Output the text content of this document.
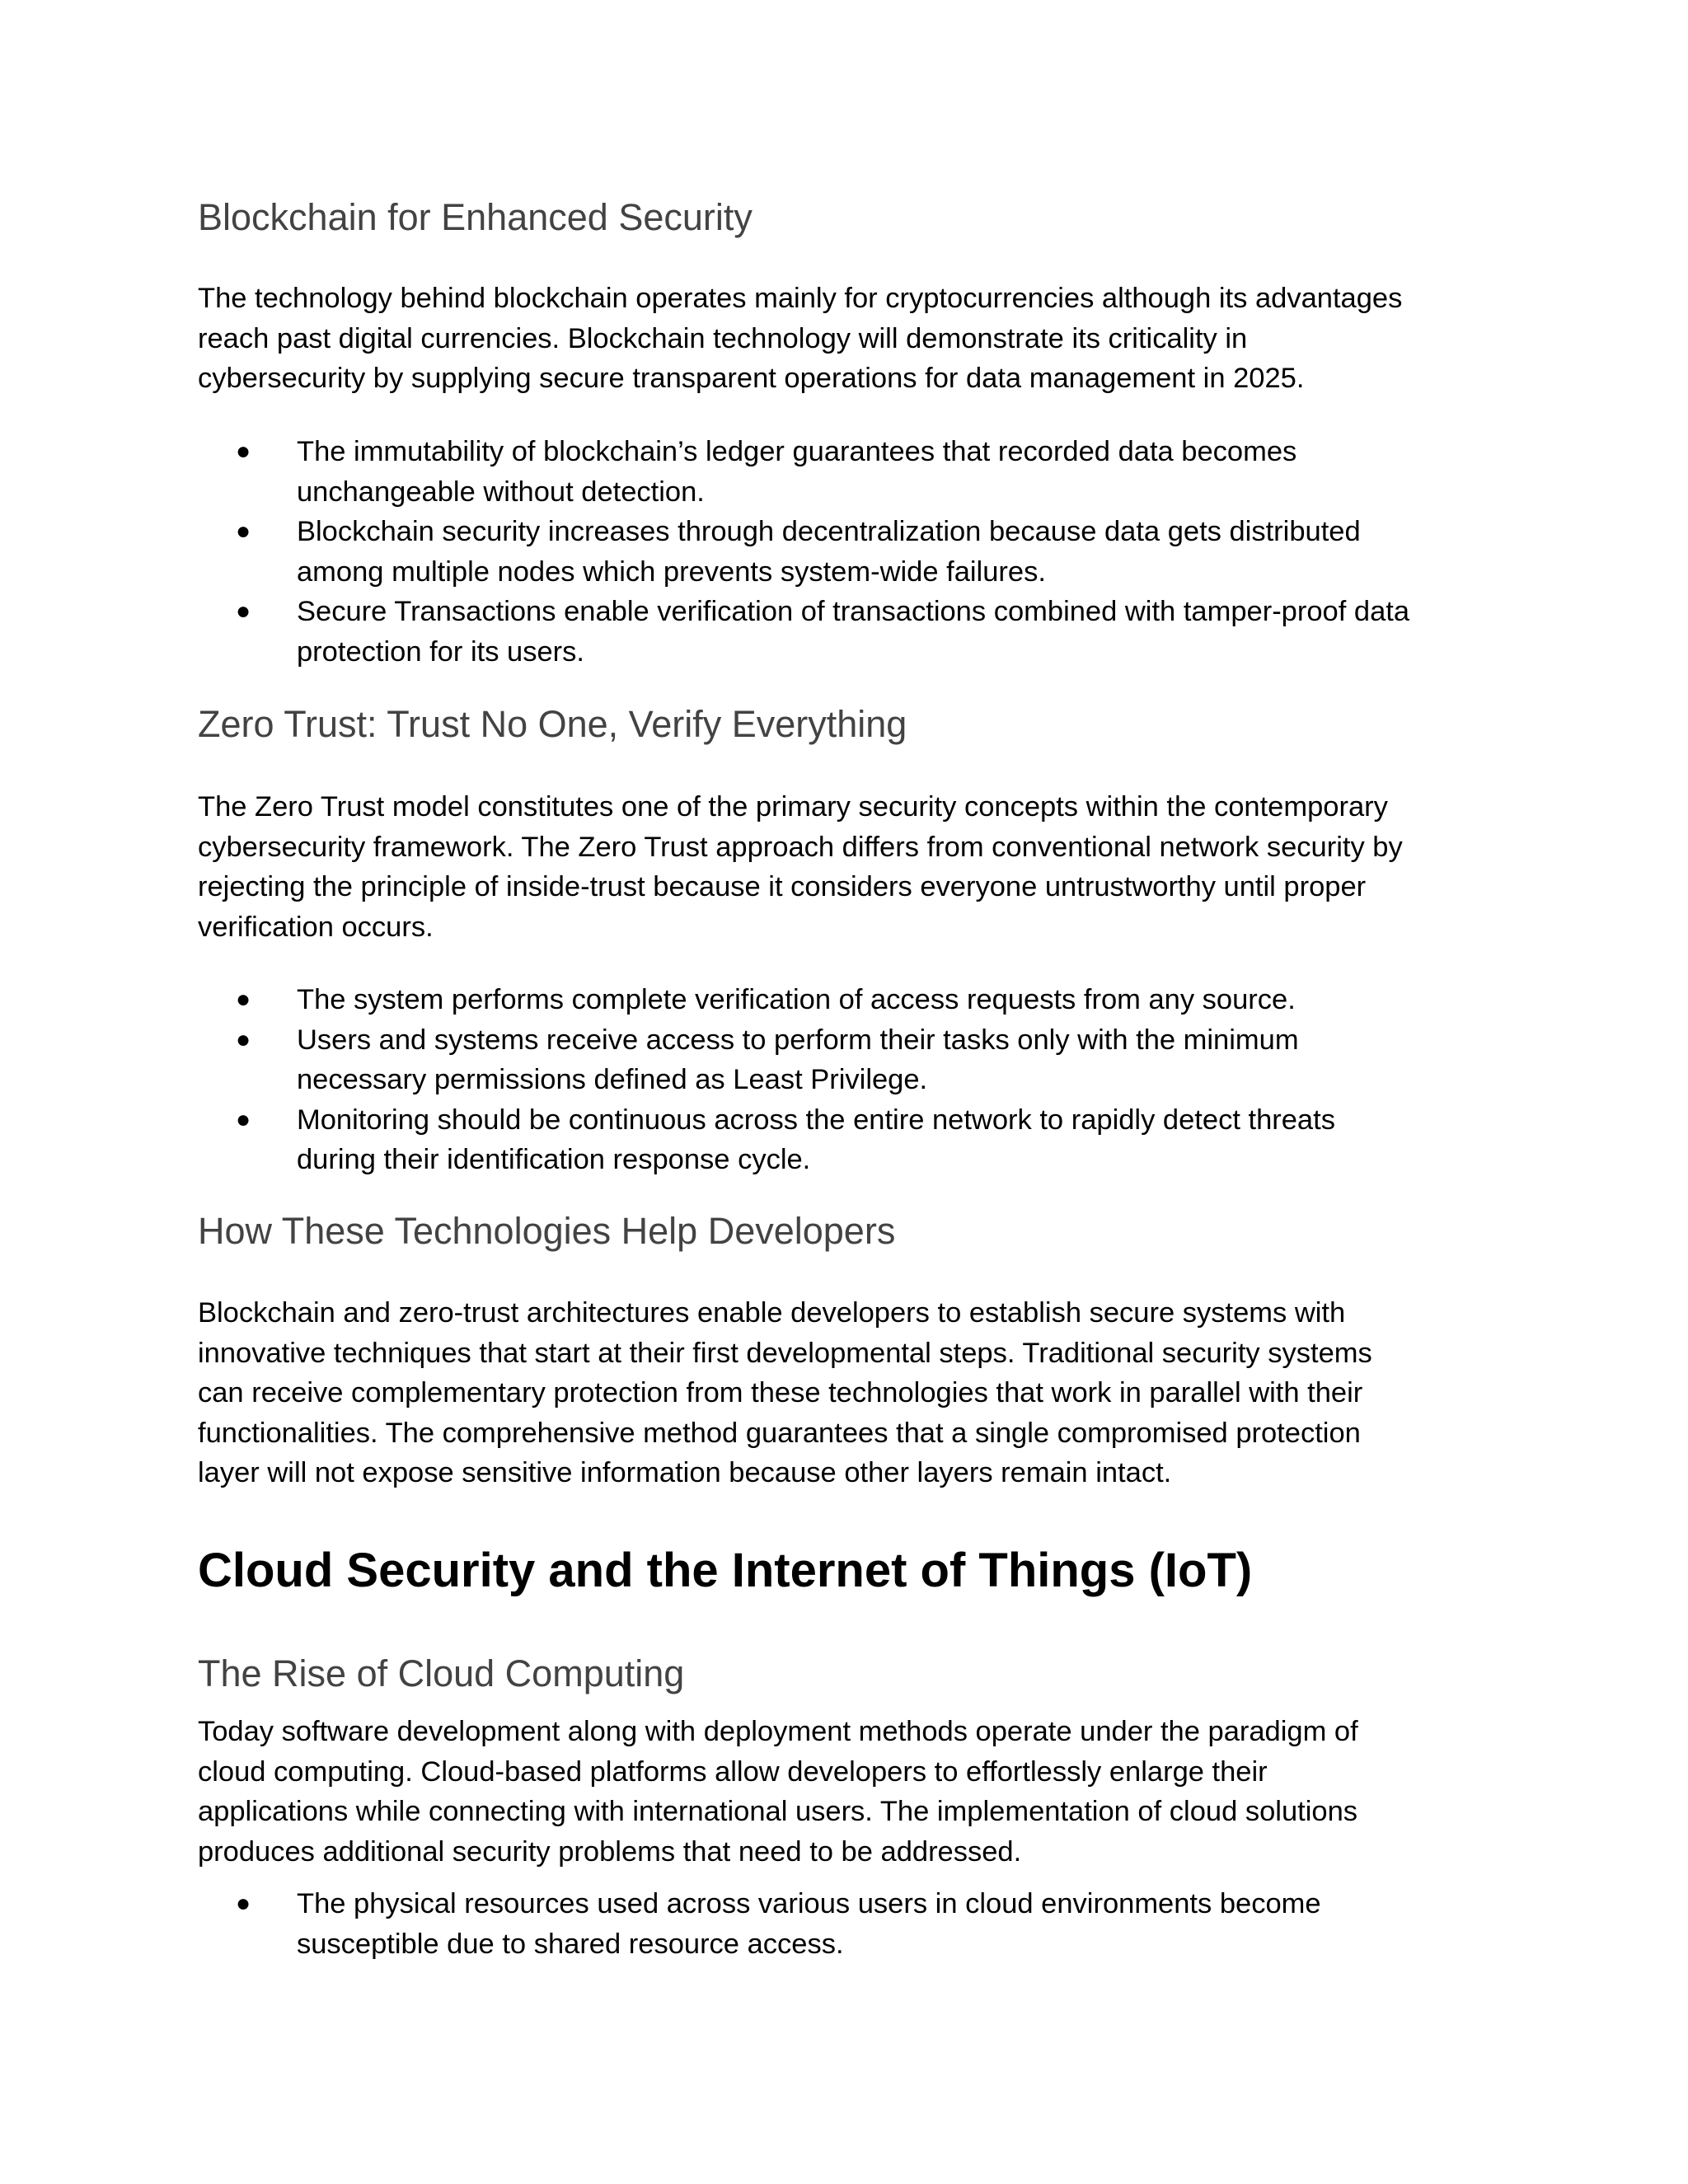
Blockchain for Enhanced Security

The technology behind blockchain operates mainly for cryptocurrencies although its advantages
reach past digital currencies. Blockchain technology will demonstrate its criticality in
cybersecurity by supplying secure transparent operations for data management in 2025.

● The immutability of blockchain’s ledger guarantees that recorded data becomes
unchangeable without detection.
● Blockchain security increases through decentralization because data gets distributed
among multiple nodes which prevents system-wide failures.
● Secure Transactions enable verification of transactions combined with tamper-proof data
protection for its users.
Zero Trust: Trust No One, Verify Everything

The Zero Trust model constitutes one of the primary security concepts within the contemporary
cybersecurity framework. The Zero Trust approach differs from conventional network security by
rejecting the principle of inside-trust because it considers everyone untrustworthy until proper
verification occurs.

● The system performs complete verification of access requests from any source.
● Users and systems receive access to perform their tasks only with the minimum
necessary permissions defined as Least Privilege.
● Monitoring should be continuous across the entire network to rapidly detect threats
during their identification response cycle.
How These Technologies Help Developers

Blockchain and zero-trust architectures enable developers to establish secure systems with
innovative techniques that start at their first developmental steps. Traditional security systems
can receive complementary protection from these technologies that work in parallel with their
functionalities. The comprehensive method guarantees that a single compromised protection
layer will not expose sensitive information because other layers remain intact.

Cloud Security and the Internet of Things (IoT)
The Rise of Cloud Computing

Today software development along with deployment methods operate under the paradigm of
cloud computing. Cloud-based platforms allow developers to effortlessly enlarge their
applications while connecting with international users. The implementation of cloud solutions
produces additional security problems that need to be addressed.

● The physical resources used across various users in cloud environments become
susceptible due to shared resource access.
